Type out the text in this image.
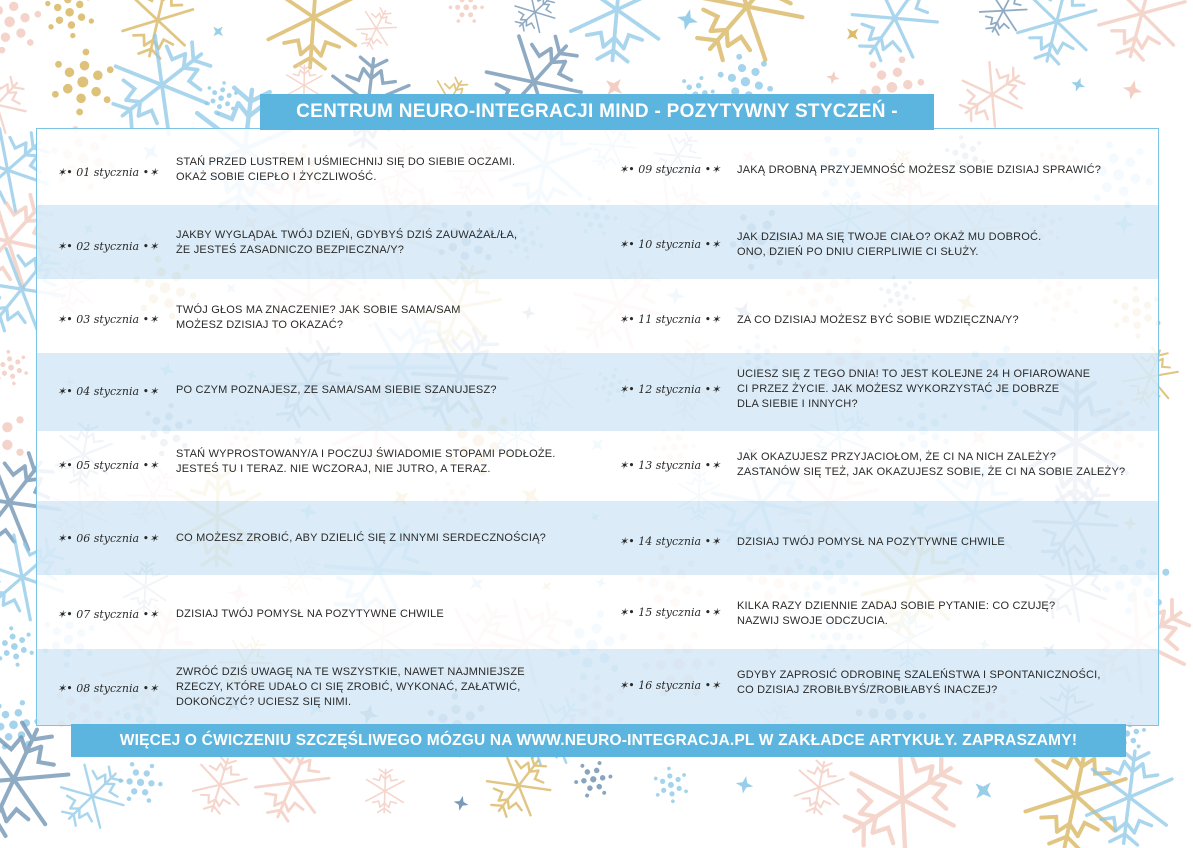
CENTRUM NEURO-INTEGRACJI MIND - POZYTYWNY STYCZEŃ -
✶• 01 stycznia •✶
STAŃ PRZED LUSTREM I UŚMIECHNIJ SIĘ DO SIEBIE OCZAMI.
OKAŻ SOBIE CIEPŁO I ŻYCZLIWOŚĆ.
✶• 02 stycznia •✶
JAKBY WYGLĄDAŁ TWÓJ DZIEŃ, GDYBYŚ DZIŚ ZAUWAŻAŁ/ŁA,
ŻE JESTEŚ ZASADNICZO BEZPIECZNA/Y?
✶• 03 stycznia •✶
TWÓJ GŁOS MA ZNACZENIE? JAK SOBIE SAMA/SAM
MOŻESZ DZISIAJ TO OKAZAĆ?
✶• 04 stycznia •✶ PO CZYM POZNAJESZ, ZE SAMA/SAM SIEBIE SZANUJESZ?
✶• 05 stycznia •✶
STAŃ WYPROSTOWANY/A I POCZUJ ŚWIADOMIE STOPAMI PODŁOŻE.
JESTEŚ TU I TERAZ. NIE WCZORAJ, NIE JUTRO, A TERAZ.
✶• 06 stycznia •✶ CO MOŻESZ ZROBIĆ, ABY DZIELIĆ SIĘ Z INNYMI SERDECZNOŚCIĄ?
✶• 07 stycznia •✶ DZISIAJ TWÓJ POMYSŁ NA POZYTYWNE CHWILE
✶• 08 stycznia •✶
ZWRÓĆ DZIŚ UWAGĘ NA TE WSZYSTKIE, NAWET NAJMNIEJSZE
RZECZY, KTÓRE UDAŁO CI SIĘ ZROBIĆ, WYKONAĆ, ZAŁATWIĆ,
DOKOŃCZYĆ? UCIESZ SIĘ NIMI.
✶• 09 stycznia •✶ JAKĄ DROBNĄ PRZYJEMNOŚĆ MOŻESZ SOBIE DZISIAJ SPRAWIĆ?
✶• 10 stycznia •✶
JAK DZISIAJ MA SIĘ TWOJE CIAŁO? OKAŻ MU DOBROĆ.
ONO, DZIEŃ PO DNIU CIERPLIWIE CI SŁUŻY.
✶• 11 stycznia •✶ ZA CO DZISIAJ MOŻESZ BYĆ SOBIE WDZIĘCZNA/Y?
✶• 12 stycznia •✶
UCIESZ SIĘ Z TEGO DNIA! TO JEST KOLEJNE 24 H OFIAROWANE
CI PRZEZ ŻYCIE. JAK MOŻESZ WYKORZYSTAĆ JE DOBRZE
DLA SIEBIE I INNYCH?
✶• 13 stycznia •✶
JAK OKAZUJESZ PRZYJACIOŁOM, ŻE CI NA NICH ZALEŻY?
ZASTANÓW SIĘ TEŻ, JAK OKAZUJESZ SOBIE, ŻE CI NA SOBIE ZALEŻY?
✶• 14 stycznia •✶ DZISIAJ TWÓJ POMYSŁ NA POZYTYWNE CHWILE
✶• 15 stycznia •✶ KILKA RAZY DZIENNIE ZADAJ SOBIE PYTANIE: CO CZUJĘ?
NAZWIJ SWOJE ODCZUCIA.
✶• 16 stycznia •✶
GDYBY ZAPROSIĆ ODROBINĘ SZALEŃSTWA I SPONTANICZNOŚCI,
CO DZISIAJ ZROBIŁBYŚ/ZROBIŁABYŚ INACZEJ?
WIĘCEJ O ĆWICZENIU SZCZĘŚLIWEGO MÓZGU NA WWW.NEURO-INTEGRACJA.PL W ZAKŁADCE ARTYKUŁY. ZAPRASZAMY!
